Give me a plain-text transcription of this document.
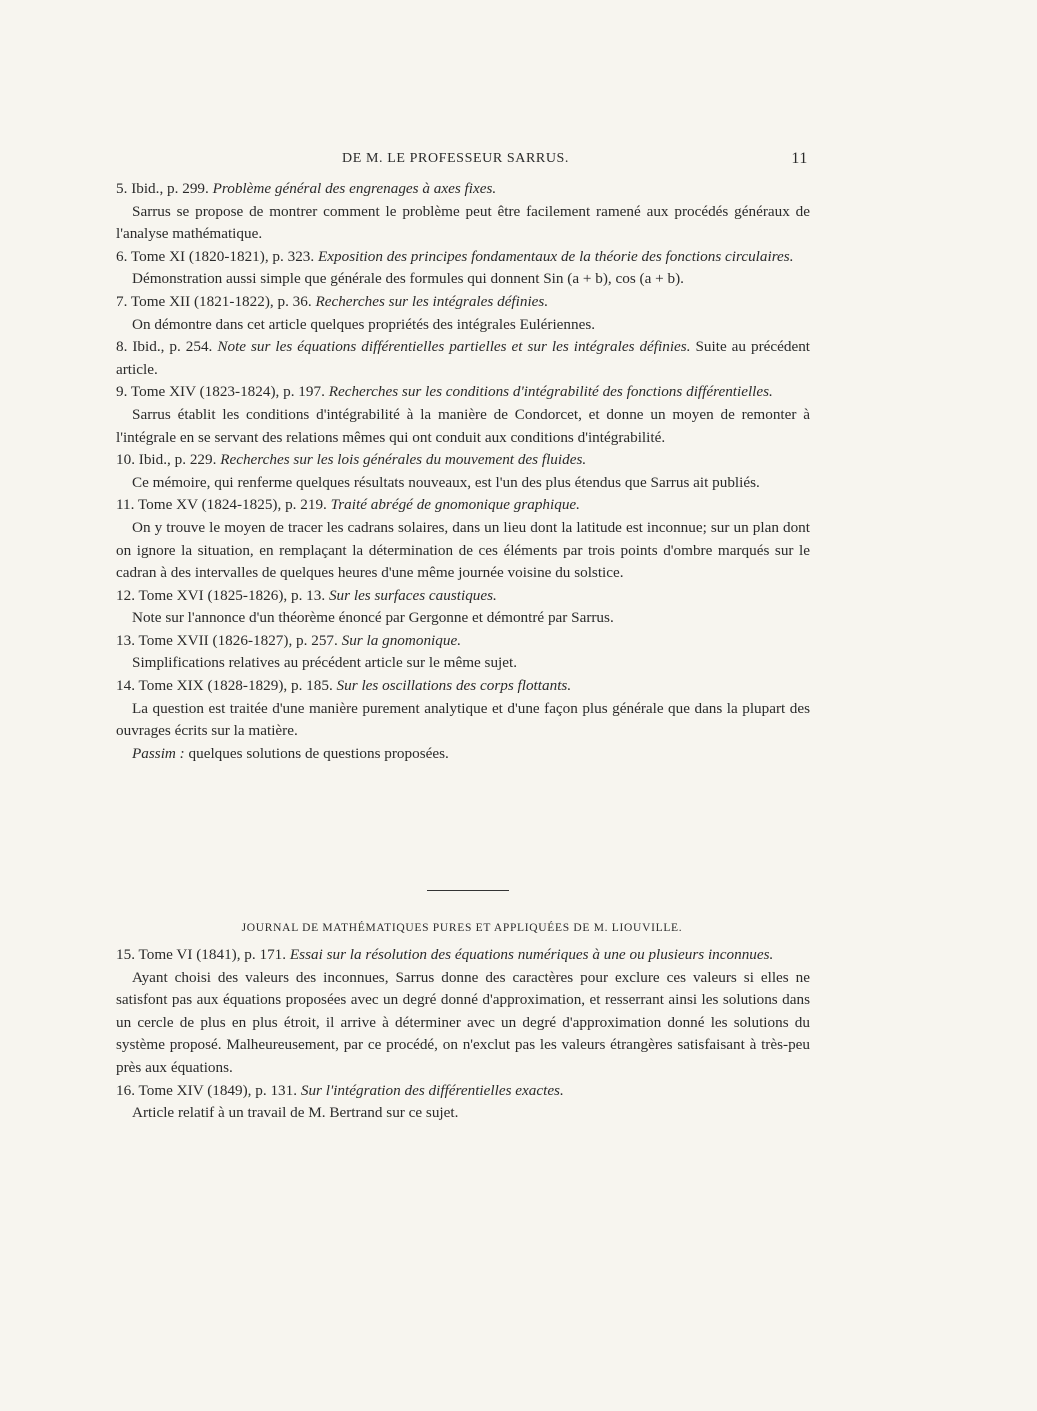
DE M. LE PROFESSEUR SARRUS.	11

5. Ibid., p. 299. Problème général des engrenages à axes fixes.

Sarrus se propose de montrer comment le problème peut être facilement ramené aux procédés généraux de l'analyse mathématique.

6. Tome XI (1820-1821), p. 323. Exposition des principes fondamentaux de la théorie des fonctions circulaires.

Démonstration aussi simple que générale des formules qui donnent Sin (a + b), cos (a + b).

7. Tome XII (1821-1822), p. 36. Recherches sur les intégrales définies.

On démontre dans cet article quelques propriétés des intégrales Eulériennes.

8. Ibid., p. 254. Note sur les équations différentielles partielles et sur les intégrales définies. Suite au précédent article.

9. Tome XIV (1823-1824), p. 197. Recherches sur les conditions d'intégrabilité des fonctions différentielles.

Sarrus établit les conditions d'intégrabilité à la manière de Condorcet, et donne un moyen de remonter à l'intégrale en se servant des relations mêmes qui ont conduit aux conditions d'intégrabilité.

10. Ibid., p. 229. Recherches sur les lois générales du mouvement des fluides.

Ce mémoire, qui renferme quelques résultats nouveaux, est l'un des plus étendus que Sarrus ait publiés.

11. Tome XV (1824-1825), p. 219. Traité abrégé de gnomonique graphique.

On y trouve le moyen de tracer les cadrans solaires, dans un lieu dont la latitude est inconnue; sur un plan dont on ignore la situation, en remplaçant la détermination de ces éléments par trois points d'ombre marqués sur le cadran à des intervalles de quelques heures d'une même journée voisine du solstice.

12. Tome XVI (1825-1826), p. 13. Sur les surfaces caustiques.

Note sur l'annonce d'un théorème énoncé par Gergonne et démontré par Sarrus.

13. Tome XVII (1826-1827), p. 257. Sur la gnomonique.

Simplifications relatives au précédent article sur le même sujet.

14. Tome XIX (1828-1829), p. 185. Sur les oscillations des corps flottants.

La question est traitée d'une manière purement analytique et d'une façon plus générale que dans la plupart des ouvrages écrits sur la matière.

Passim : quelques solutions de questions proposées.

JOURNAL DE MATHÉMATIQUES PURES ET APPLIQUÉES DE M. LIOUVILLE.

15. Tome VI (1841), p. 171. Essai sur la résolution des équations numériques à une ou plusieurs inconnues.

Ayant choisi des valeurs des inconnues, Sarrus donne des caractères pour exclure ces valeurs si elles ne satisfont pas aux équations proposées avec un degré donné d'approximation, et resserrant ainsi les solutions dans un cercle de plus en plus étroit, il arrive à déterminer avec un degré d'approximation donné les solutions du système proposé. Malheureusement, par ce procédé, on n'exclut pas les valeurs étrangères satisfaisant à très-peu près aux équations.

16. Tome XIV (1849), p. 131. Sur l'intégration des différentielles exactes.

Article relatif à un travail de M. Bertrand sur ce sujet.
